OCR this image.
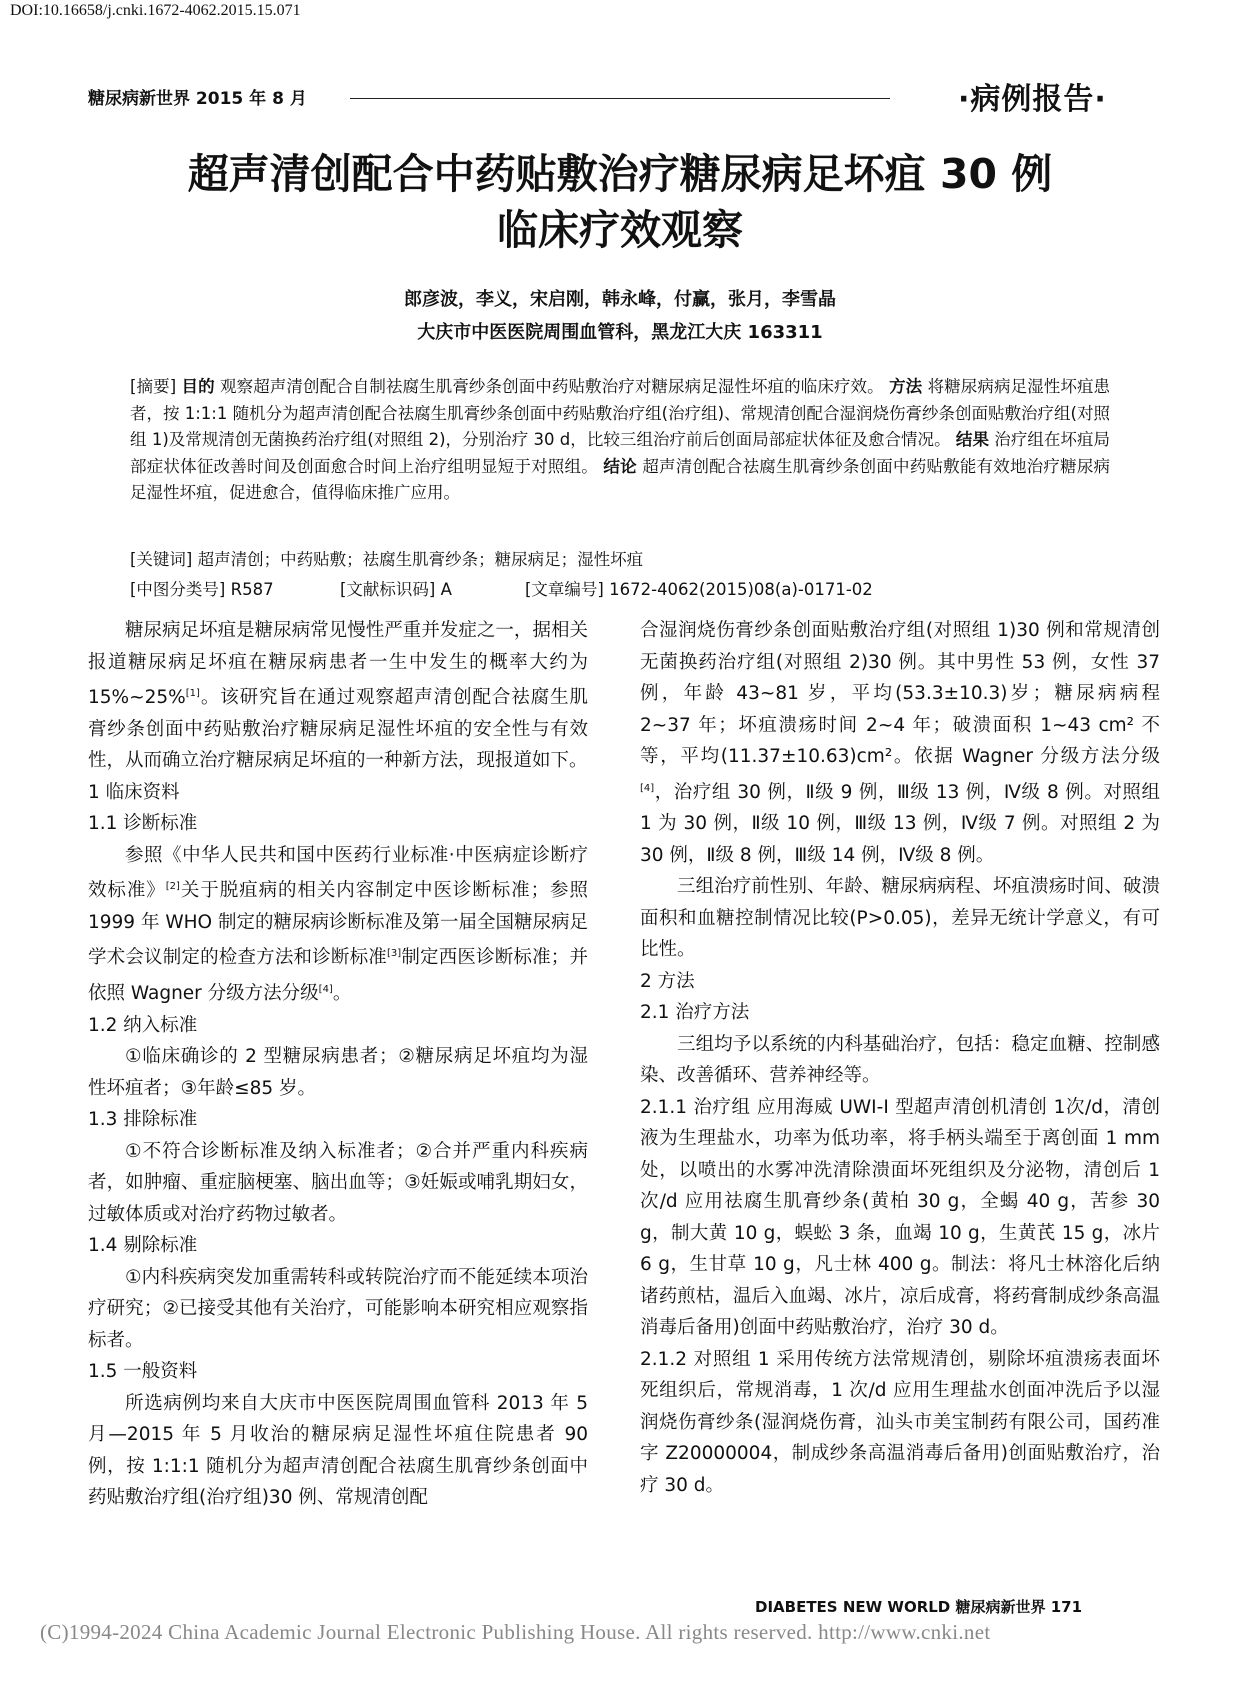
DOI:10.16658/j.cnki.1672-4062.2015.15.071
糖尿病新世界 2015 年 8 月	·病例报告·
超声清创配合中药贴敷治疗糖尿病足坏疽 30 例
临床疗效观察
郎彦波，李义，宋启刚，韩永峰，付赢，张月，李雪晶
大庆市中医医院周围血管科，黑龙江大庆 163311
[摘要] 目的 观察超声清创配合自制祛腐生肌膏纱条创面中药贴敷治疗对糖尿病足湿性坏疽的临床疗效。 方法 将糖尿病病足湿性坏疽患者，按 1:1:1 随机分为超声清创配合祛腐生肌膏纱条创面中药贴敷治疗组(治疗组)、常规清创配合湿润烧伤膏纱条创面贴敷治疗组(对照组 1)及常规清创无菌换药治疗组(对照组 2)，分别治疗 30 d，比较三组治疗前后创面局部症状体征及愈合情况。 结果 治疗组在坏疽局部症状体征改善时间及创面愈合时间上治疗组明显短于对照组。 结论 超声清创配合祛腐生肌膏纱条创面中药贴敷能有效地治疗糖尿病足湿性坏疽，促进愈合，值得临床推广应用。
[关键词] 超声清创；中药贴敷；祛腐生肌膏纱条；糖尿病足；湿性坏疽
[中图分类号] R587	[文献标识码] A	[文章编号] 1672-4062(2015)08(a)-0171-02

糖尿病足坏疽是糖尿病常见慢性严重并发症之一，据相关报道糖尿病足坏疽在糖尿病患者一生中发生的概率大约为 15%~25%[1]。该研究旨在通过观察超声清创配合祛腐生肌膏纱条创面中药贴敷治疗糖尿病足湿性坏疽的安全性与有效性，从而确立治疗糖尿病足坏疽的一种新方法，现报道如下。

1 临床资料
1.1 诊断标准

参照《中华人民共和国中医药行业标准·中医病症诊断疗效标准》[2]关于脱疽病的相关内容制定中医诊断标准；参照 1999 年 WHO 制定的糖尿病诊断标准及第一届全国糖尿病足学术会议制定的检查方法和诊断标准[3]制定西医诊断标准；并依照 Wagner 分级方法分级[4]。

1.2 纳入标准

①临床确诊的 2 型糖尿病患者；②糖尿病足坏疽均为湿性坏疽者；③年龄≤85 岁。

1.3 排除标准

①不符合诊断标准及纳入标准者；②合并严重内科疾病者，如肿瘤、重症脑梗塞、脑出血等；③妊娠或哺乳期妇女，过敏体质或对治疗药物过敏者。

1.4 剔除标准

①内科疾病突发加重需转科或转院治疗而不能延续本项治疗研究；②已接受其他有关治疗，可能影响本研究相应观察指标者。

1.5 一般资料

所选病例均来自大庆市中医医院周围血管科 2013 年 5 月—2015 年 5 月收治的糖尿病足湿性坏疽住院患者 90 例，按 1:1:1 随机分为超声清创配合祛腐生肌膏纱条创面中药贴敷治疗组(治疗组)30 例、常规清创配

合湿润烧伤膏纱条创面贴敷治疗组(对照组 1)30 例和常规清创无菌换药治疗组(对照组 2)30 例。其中男性 53 例，女性 37 例，年龄 43~81 岁，平均(53.3±10.3)岁；糖尿病病程 2~37 年；坏疽溃疡时间 2~4 年；破溃面积 1~43 cm² 不等，平均(11.37±10.63)cm²。依据 Wagner 分级方法分级[4]，治疗组 30 例，Ⅱ级 9 例，Ⅲ级 13 例，Ⅳ级 8 例。对照组 1 为 30 例，Ⅱ级 10 例，Ⅲ级 13 例，Ⅳ级 7 例。对照组 2 为 30 例，Ⅱ级 8 例，Ⅲ级 14 例，Ⅳ级 8 例。

三组治疗前性别、年龄、糖尿病病程、坏疽溃疡时间、破溃面积和血糖控制情况比较(P>0.05)，差异无统计学意义，有可比性。

2 方法
2.1 治疗方法

三组均予以系统的内科基础治疗，包括：稳定血糖、控制感染、改善循环、营养神经等。

2.1.1 治疗组 应用海威 UWI-I 型超声清创机清创 1次/d，清创液为生理盐水，功率为低功率，将手柄头端至于离创面 1 mm 处，以喷出的水雾冲洗清除溃面坏死组织及分泌物，清创后 1 次/d 应用祛腐生肌膏纱条(黄柏 30 g，全蝎 40 g，苦参 30 g，制大黄 10 g，蜈蚣 3 条，血竭 10 g，生黄芪 15 g，冰片 6 g，生甘草 10 g，凡士林 400 g。制法：将凡士林溶化后纳诸药煎枯，温后入血竭、冰片，凉后成膏，将药膏制成纱条高温消毒后备用)创面中药贴敷治疗，治疗 30 d。

2.1.2 对照组 1 采用传统方法常规清创，剔除坏疽溃疡表面坏死组织后，常规消毒，1 次/d 应用生理盐水创面冲洗后予以湿润烧伤膏纱条(湿润烧伤膏，汕头市美宝制药有限公司，国药准字 Z20000004，制成纱条高温消毒后备用)创面贴敷治疗，治疗 30 d。

DIABETES NEW WORLD 糖尿病新世界 171
(C)1994-2024 China Academic Journal Electronic Publishing House. All rights reserved. http://www.cnki.net
